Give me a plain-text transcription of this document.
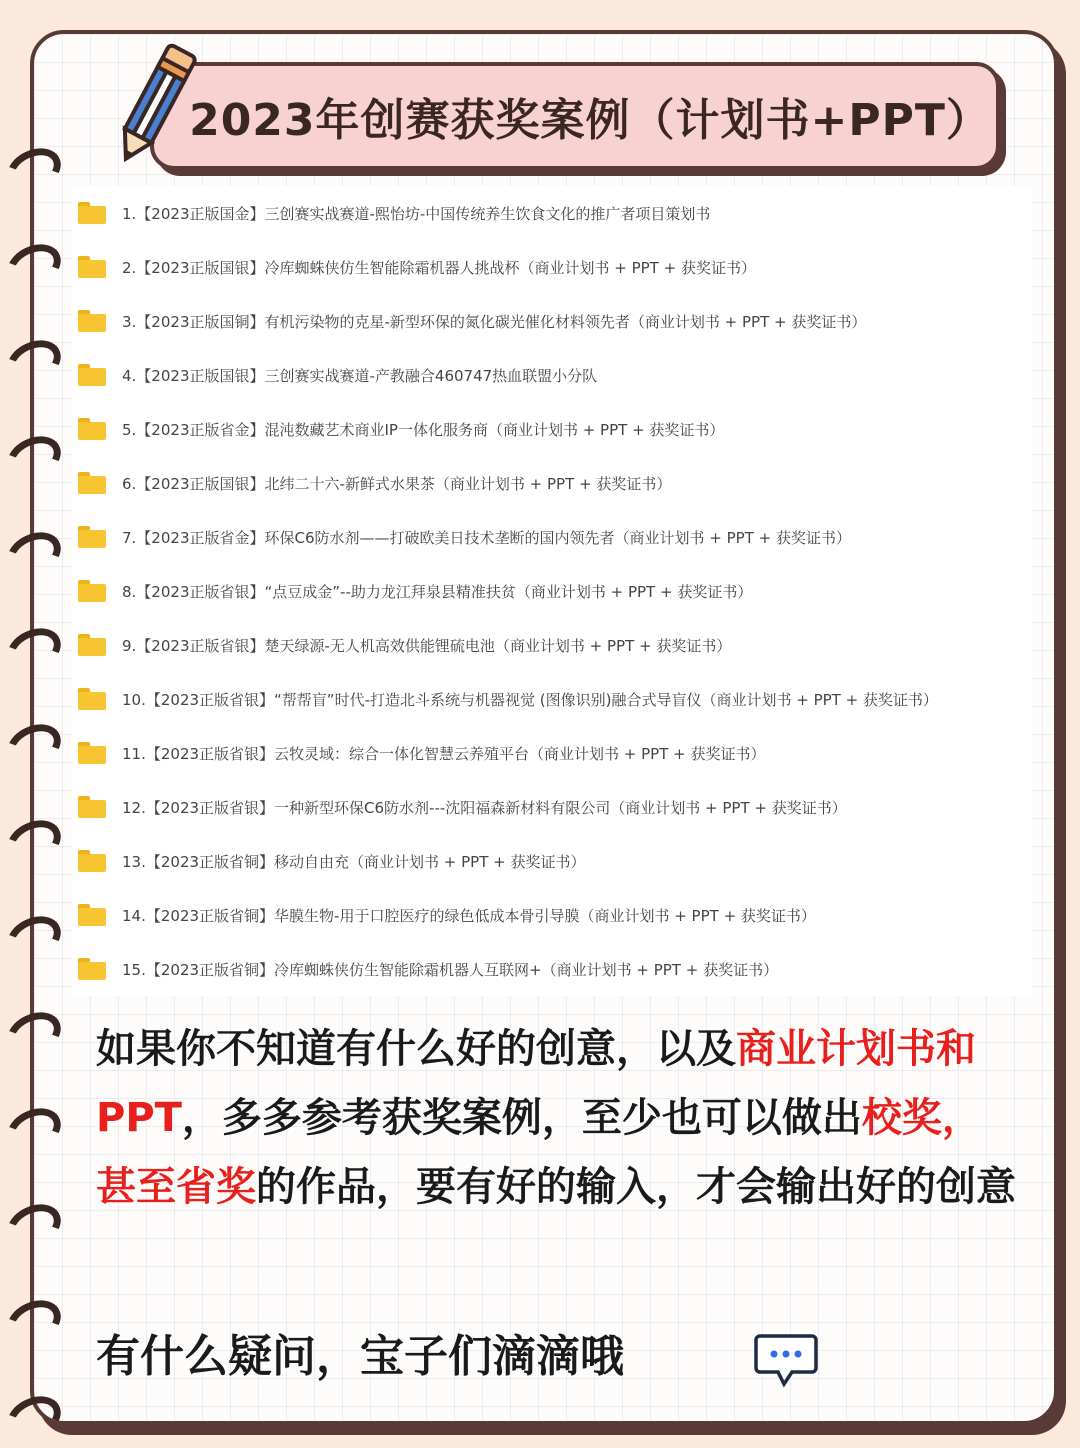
2023年创赛获奖案例（计划书+PPT）
1.【2023正版国金】三创赛实战赛道-熙怡坊-中国传统养生饮食文化的推广者项目策划书
2.【2023正版国银】冷库蜘蛛侠仿生智能除霜机器人挑战杯（商业计划书 + PPT + 获奖证书）
3.【2023正版国铜】有机污染物的克星-新型环保的氮化碳光催化材料领先者（商业计划书 + PPT + 获奖证书）
4.【2023正版国银】三创赛实战赛道-产教融合460747热血联盟小分队
5.【2023正版省金】混沌数藏艺术商业IP一体化服务商（商业计划书 + PPT + 获奖证书）
6.【2023正版国银】北纬二十六-新鲜式水果茶（商业计划书 + PPT + 获奖证书）
7.【2023正版省金】环保C6防水剂——打破欧美日技术垄断的国内领先者（商业计划书 + PPT + 获奖证书）
8.【2023正版省银】“点豆成金”--助力龙江拜泉县精准扶贫（商业计划书 + PPT + 获奖证书）
9.【2023正版省银】楚天绿源-无人机高效供能锂硫电池（商业计划书 + PPT + 获奖证书）
10.【2023正版省银】“帮帮盲”时代-打造北斗系统与机器视觉 (图像识别)融合式导盲仪（商业计划书 + PPT + 获奖证书）
11.【2023正版省银】云牧灵域：综合一体化智慧云养殖平台（商业计划书 + PPT + 获奖证书）
12.【2023正版省银】一种新型环保C6防水剂---沈阳福森新材料有限公司（商业计划书 + PPT + 获奖证书）
13.【2023正版省铜】移动自由充（商业计划书 + PPT + 获奖证书）
14.【2023正版省铜】华膜生物-用于口腔医疗的绿色低成本骨引导膜（商业计划书 + PPT + 获奖证书）
15.【2023正版省铜】冷库蜘蛛侠仿生智能除霜机器人互联网+（商业计划书 + PPT + 获奖证书）
如果你不知道有什么好的创意，以及商业计划书和PPT，多多参考获奖案例，至少也可以做出校奖，甚至省奖的作品，要有好的输入，才会输出好的创意
有什么疑问，宝子们滴滴哦
